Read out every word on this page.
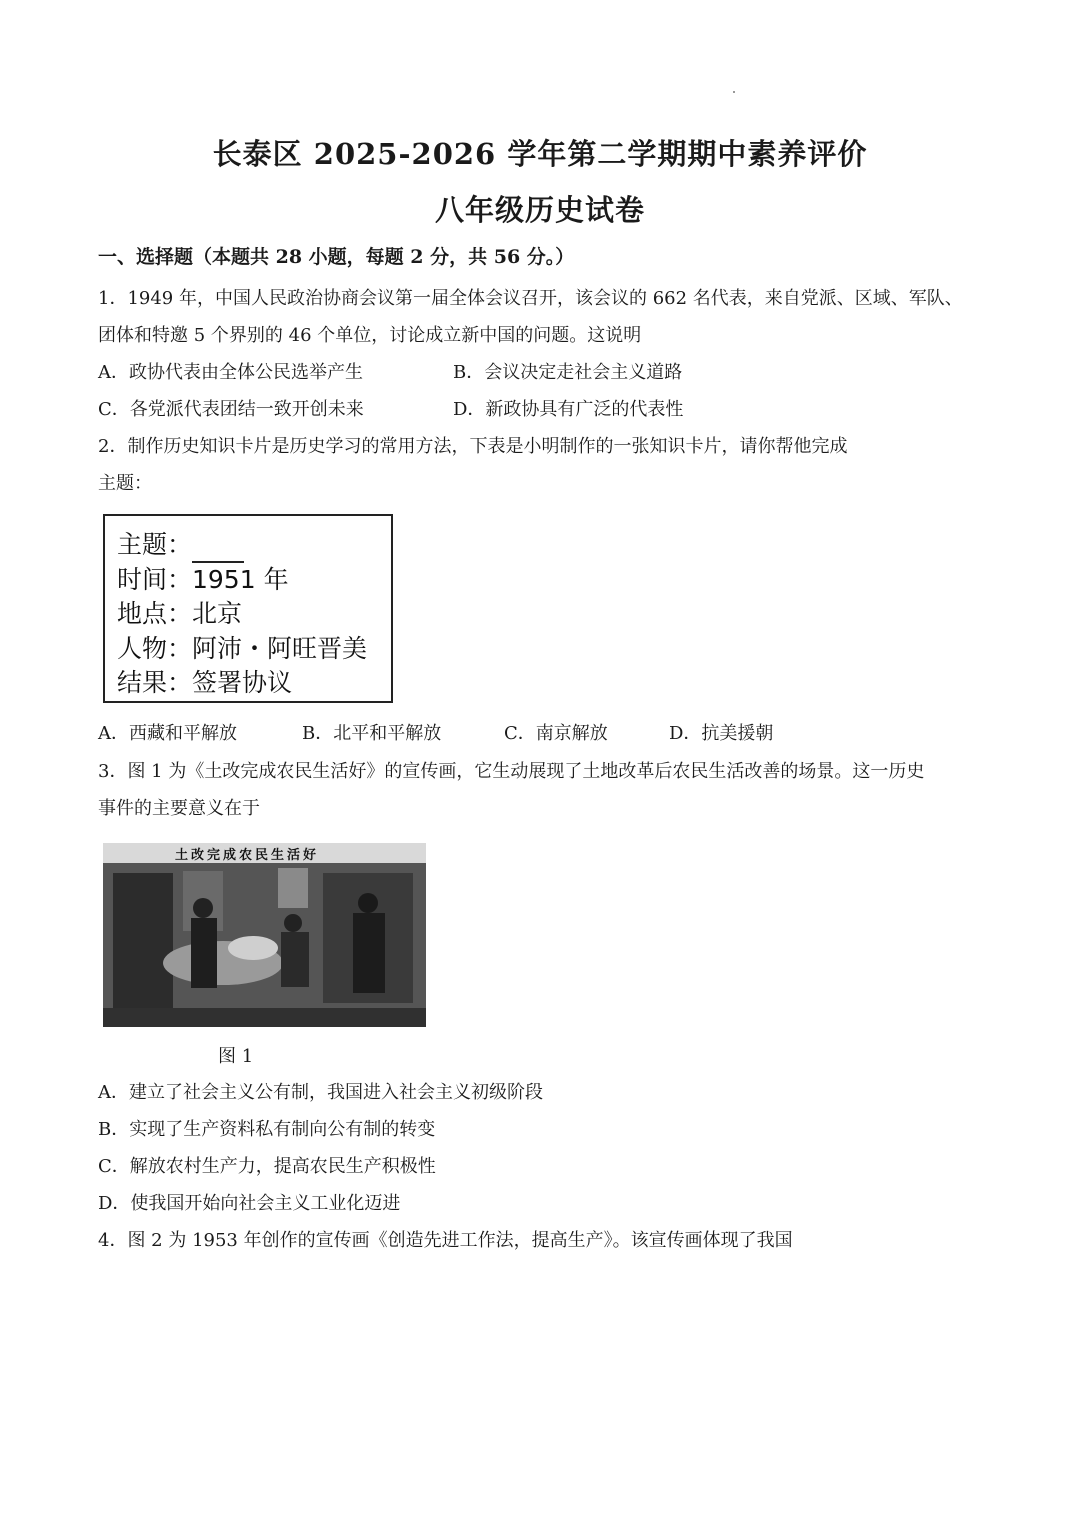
长泰区 2025-2026 学年第二学期期中素养评价
八年级历史试卷
一、选择题（本题共 28 小题，每题 2 分，共 56 分。）
1．1949 年，中国人民政治协商会议第一届全体会议召开，该会议的 662 名代表，来自党派、区域、军队、
团体和特邀 5 个界别的 46 个单位，讨论成立新中国的问题。这说明
A．政协代表由全体公民选举产生	B．会议决定走社会主义道路
C．各党派代表团结一致开创未来	D．新政协具有广泛的代表性
2．制作历史知识卡片是历史学习的常用方法，下表是小明制作的一张知识卡片，请你帮他完成
主题：
主题：
时间：1951 年
地点：北京
人物：阿沛・阿旺晋美
结果：签署协议
A．西藏和平解放	B．北平和平解放	C．南京解放	D．抗美援朝
3．图 1 为《土改完成农民生活好》的宣传画，它生动展现了土地改革后农民生活改善的场景。这一历史
事件的主要意义在于
土改完成农民生活好
图 1
A．建立了社会主义公有制，我国进入社会主义初级阶段
B．实现了生产资料私有制向公有制的转变
C．解放农村生产力，提高农民生产积极性
D．使我国开始向社会主义工业化迈进
4．图 2 为 1953 年创作的宣传画《创造先进工作法，提高生产》。该宣传画体现了我国
